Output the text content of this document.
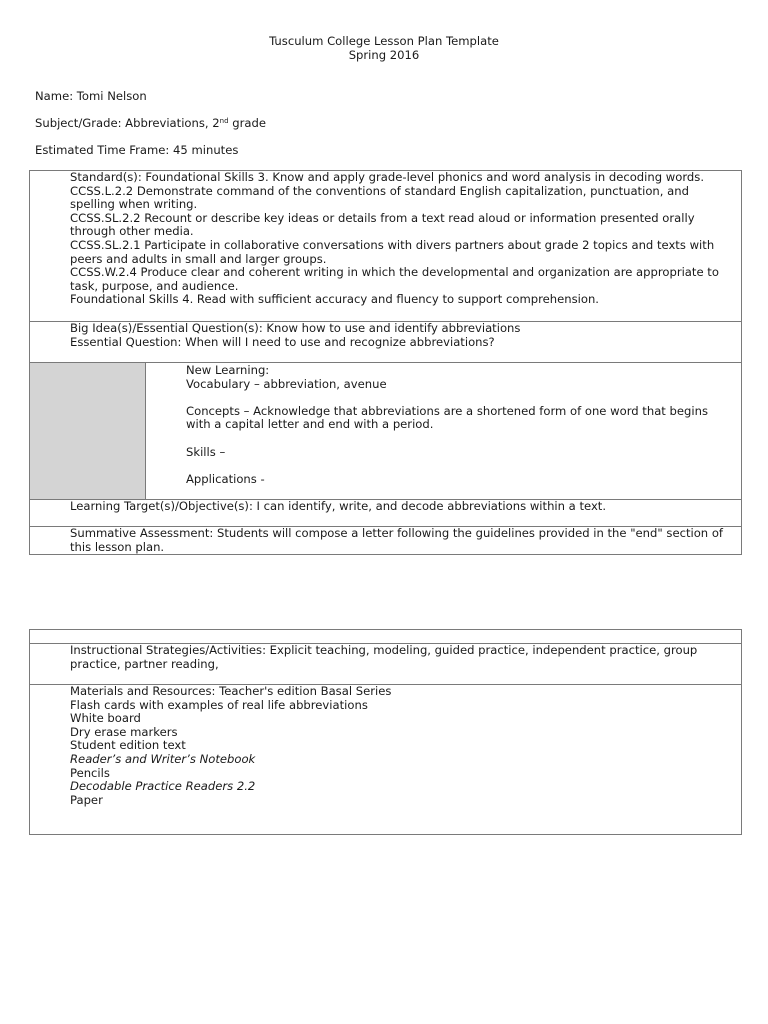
Tusculum College Lesson Plan Template
Spring 2016
Name: Tomi Nelson
Subject/Grade: Abbreviations, 2nd grade
Estimated Time Frame: 45 minutes
Standard(s): Foundational Skills 3. Know and apply grade-level phonics and word analysis in decoding words.
CCSS.L.2.2 Demonstrate command of the conventions of standard English capitalization, punctuation, and
spelling when writing.
CCSS.SL.2.2 Recount or describe key ideas or details from a text read aloud or information presented orally
through other media.
CCSS.SL.2.1 Participate in collaborative conversations with divers partners about grade 2 topics and texts with
peers and adults in small and larger groups.
CCSS.W.2.4 Produce clear and coherent writing in which the developmental and organization are appropriate to
task, purpose, and audience.
Foundational Skills 4. Read with sufficient accuracy and fluency to support comprehension.
Big Idea(s)/Essential Question(s): Know how to use and identify abbreviations
Essential Question: When will I need to use and recognize abbreviations?
New Learning:
Vocabulary – abbreviation, avenue
Concepts – Acknowledge that abbreviations are a shortened form of one word that begins
with a capital letter and end with a period.
Skills –
Applications -
Learning Target(s)/Objective(s): I can identify, write, and decode abbreviations within a text.
Summative Assessment: Students will compose a letter following the guidelines provided in the "end" section of
this lesson plan.
Instructional Strategies/Activities: Explicit teaching, modeling, guided practice, independent practice, group
practice, partner reading,
Materials and Resources: Teacher's edition Basal Series
Flash cards with examples of real life abbreviations
White board
Dry erase markers
Student edition text
Reader’s and Writer’s Notebook
Pencils
Decodable Practice Readers 2.2
Paper
